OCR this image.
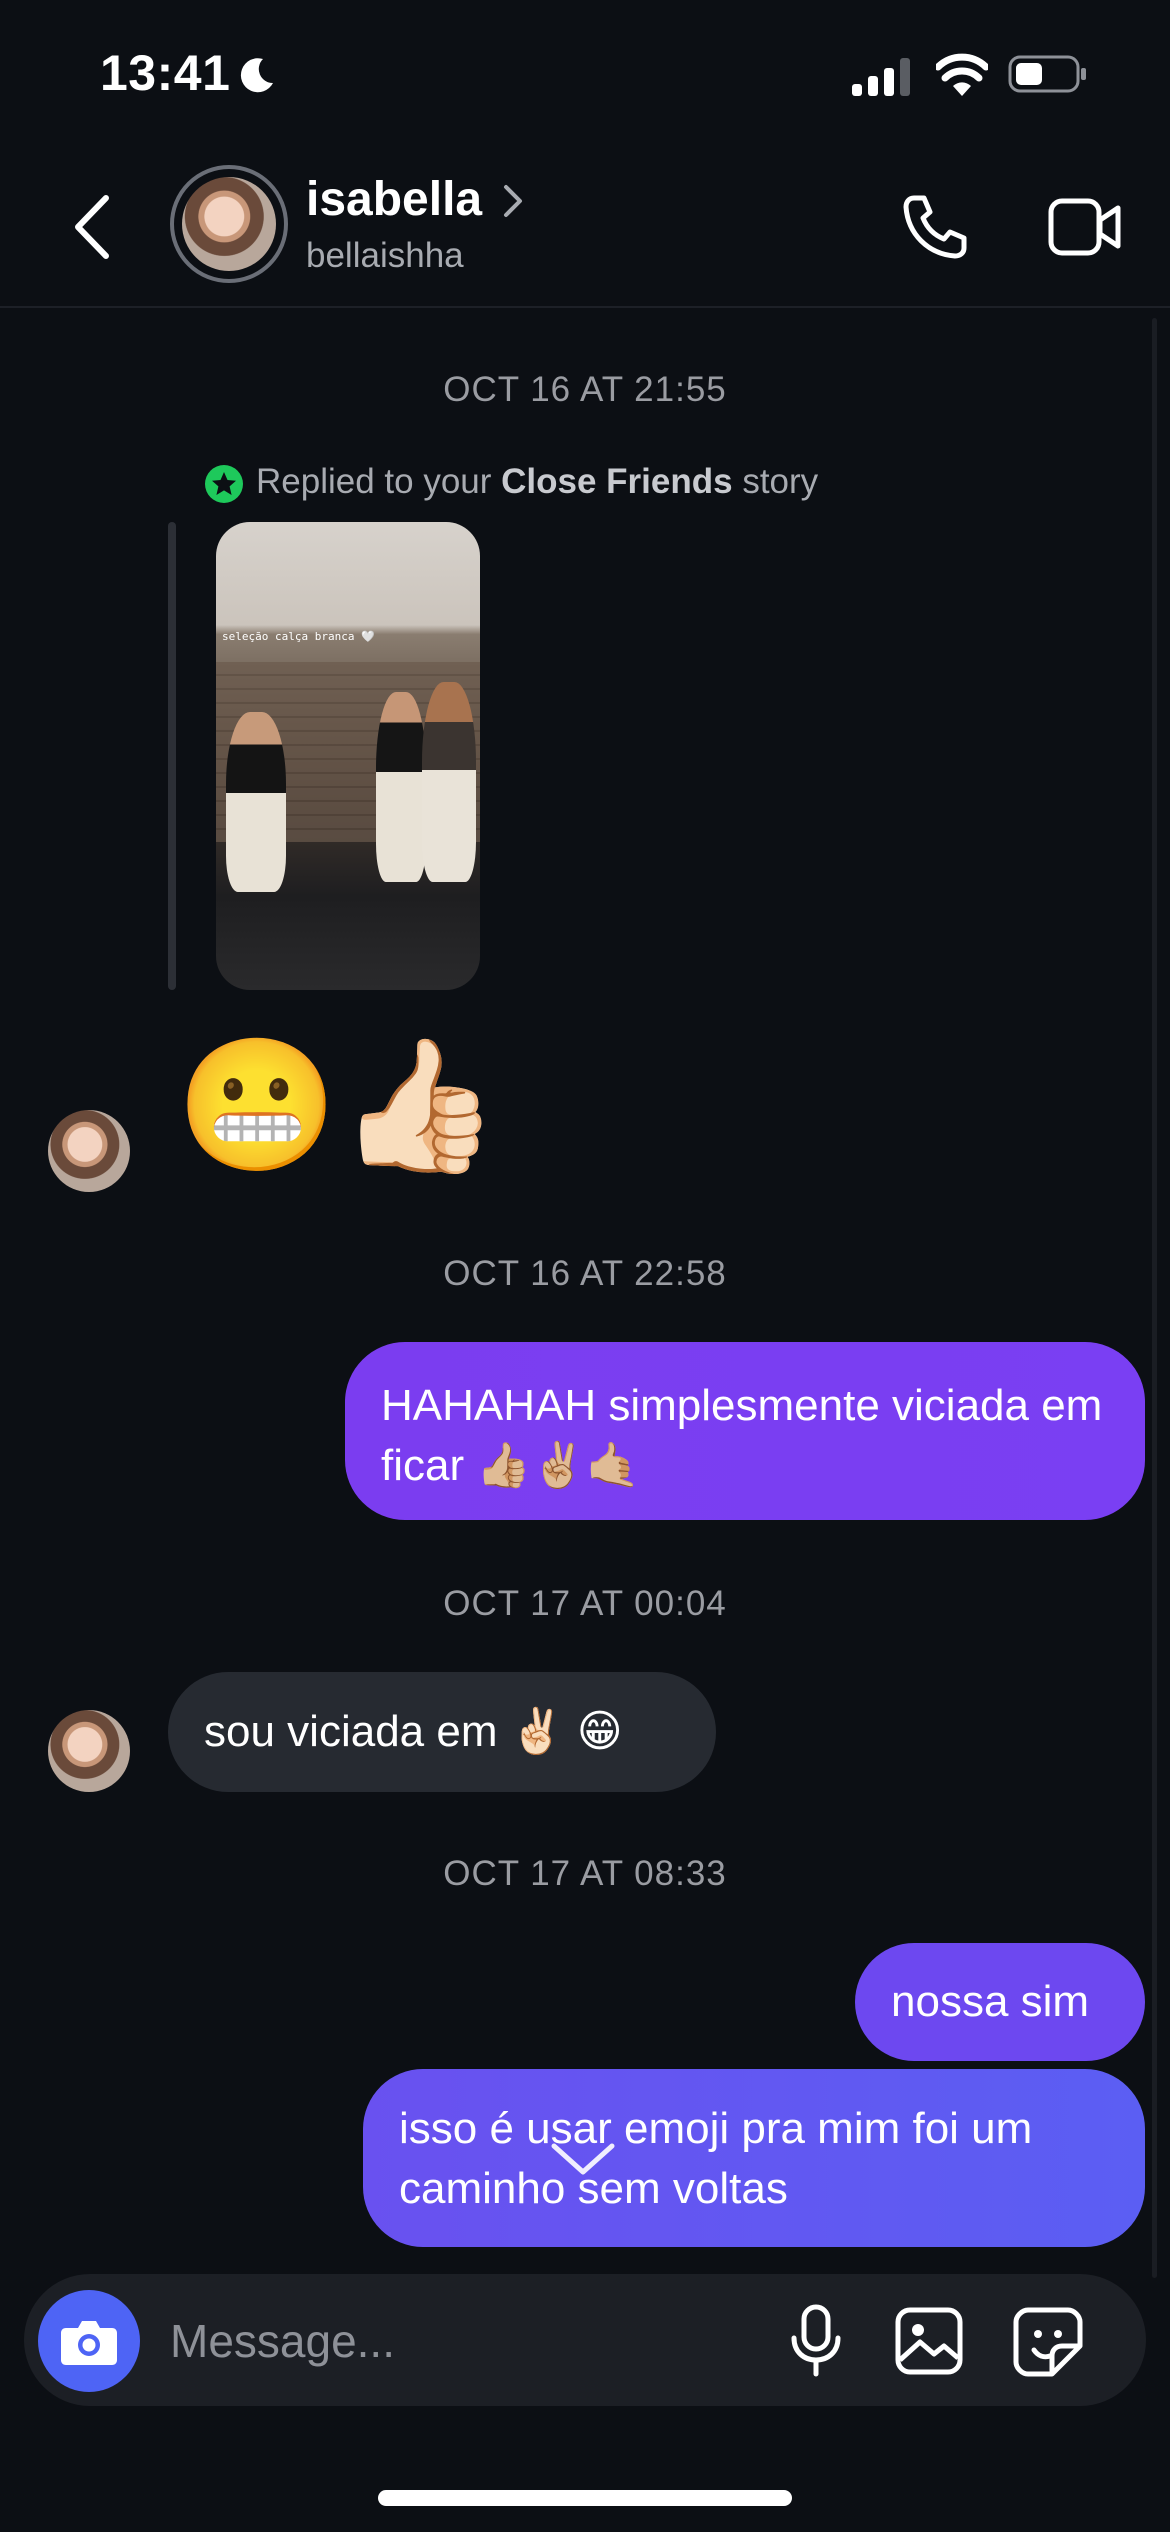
13:41
isabella
bellaishha
OCT 16 AT 21:55
Replied to your Close Friends story
seleção calça branca 🤍
😬👍🏻
OCT 16 AT 22:58
HAHAHAH simplesmente viciada em ficar 👍🏼✌🏼🤙🏼
OCT 17 AT 00:04
sou viciada em ✌🏻 😁
OCT 17 AT 08:33
nossa sim
isso é usar emoji pra mim foi um caminho sem voltas
Message...
